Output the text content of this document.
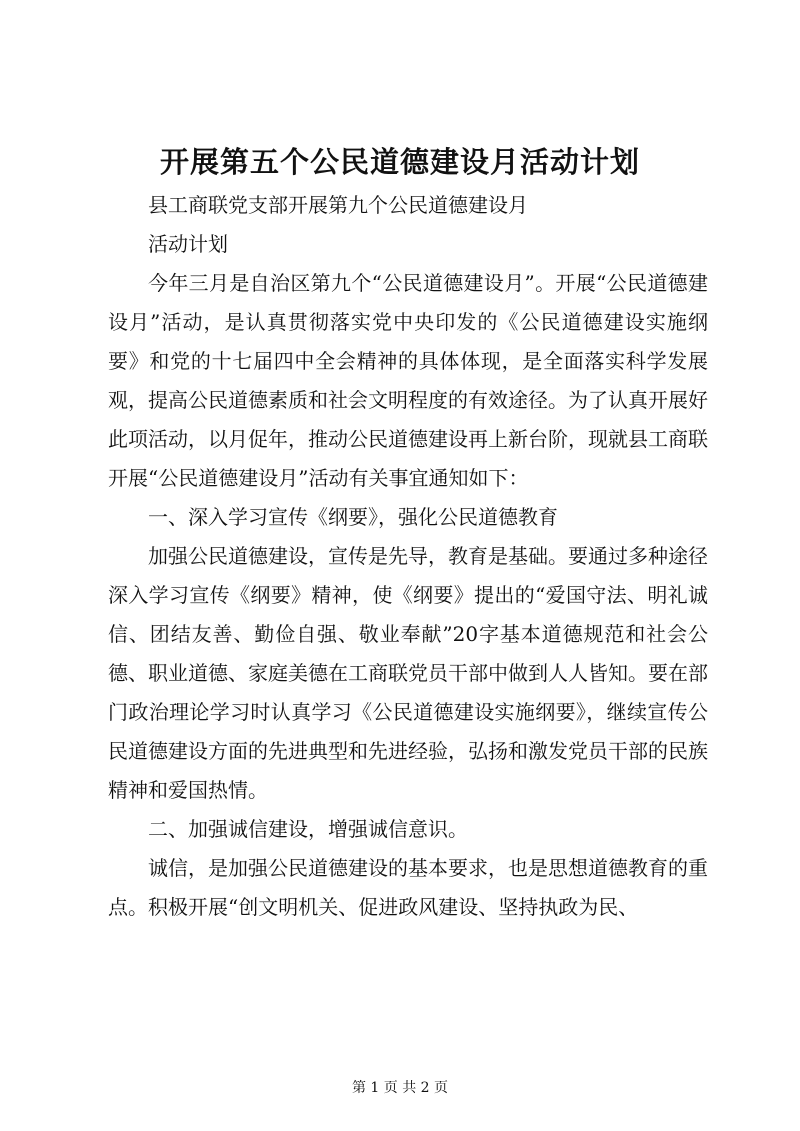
开展第五个公民道德建设月活动计划

县工商联党支部开展第九个公民道德建设月

活动计划

今年三月是自治区第九个“公民道德建设月”。开展“公民道德建设月”活动，是认真贯彻落实党中央印发的《公民道德建设实施纲要》和党的十七届四中全会精神的具体体现，是全面落实科学发展观，提高公民道德素质和社会文明程度的有效途径。为了认真开展好此项活动，以月促年，推动公民道德建设再上新台阶，现就县工商联开展“公民道德建设月”活动有关事宜通知如下：

一、深入学习宣传《纲要》，强化公民道德教育

加强公民道德建设，宣传是先导，教育是基础。要通过多种途径深入学习宣传《纲要》精神，使《纲要》提出的“爱国守法、明礼诚信、团结友善、勤俭自强、敬业奉献”20字基本道德规范和社会公德、职业道德、家庭美德在工商联党员干部中做到人人皆知。要在部门政治理论学习时认真学习《公民道德建设实施纲要》，继续宣传公民道德建设方面的先进典型和先进经验，弘扬和激发党员干部的民族精神和爱国热情。

二、加强诚信建设，增强诚信意识。

诚信，是加强公民道德建设的基本要求，也是思想道德教育的重点。积极开展“创文明机关、促进政风建设、坚持执政为民、

第 1 页 共 2 页
